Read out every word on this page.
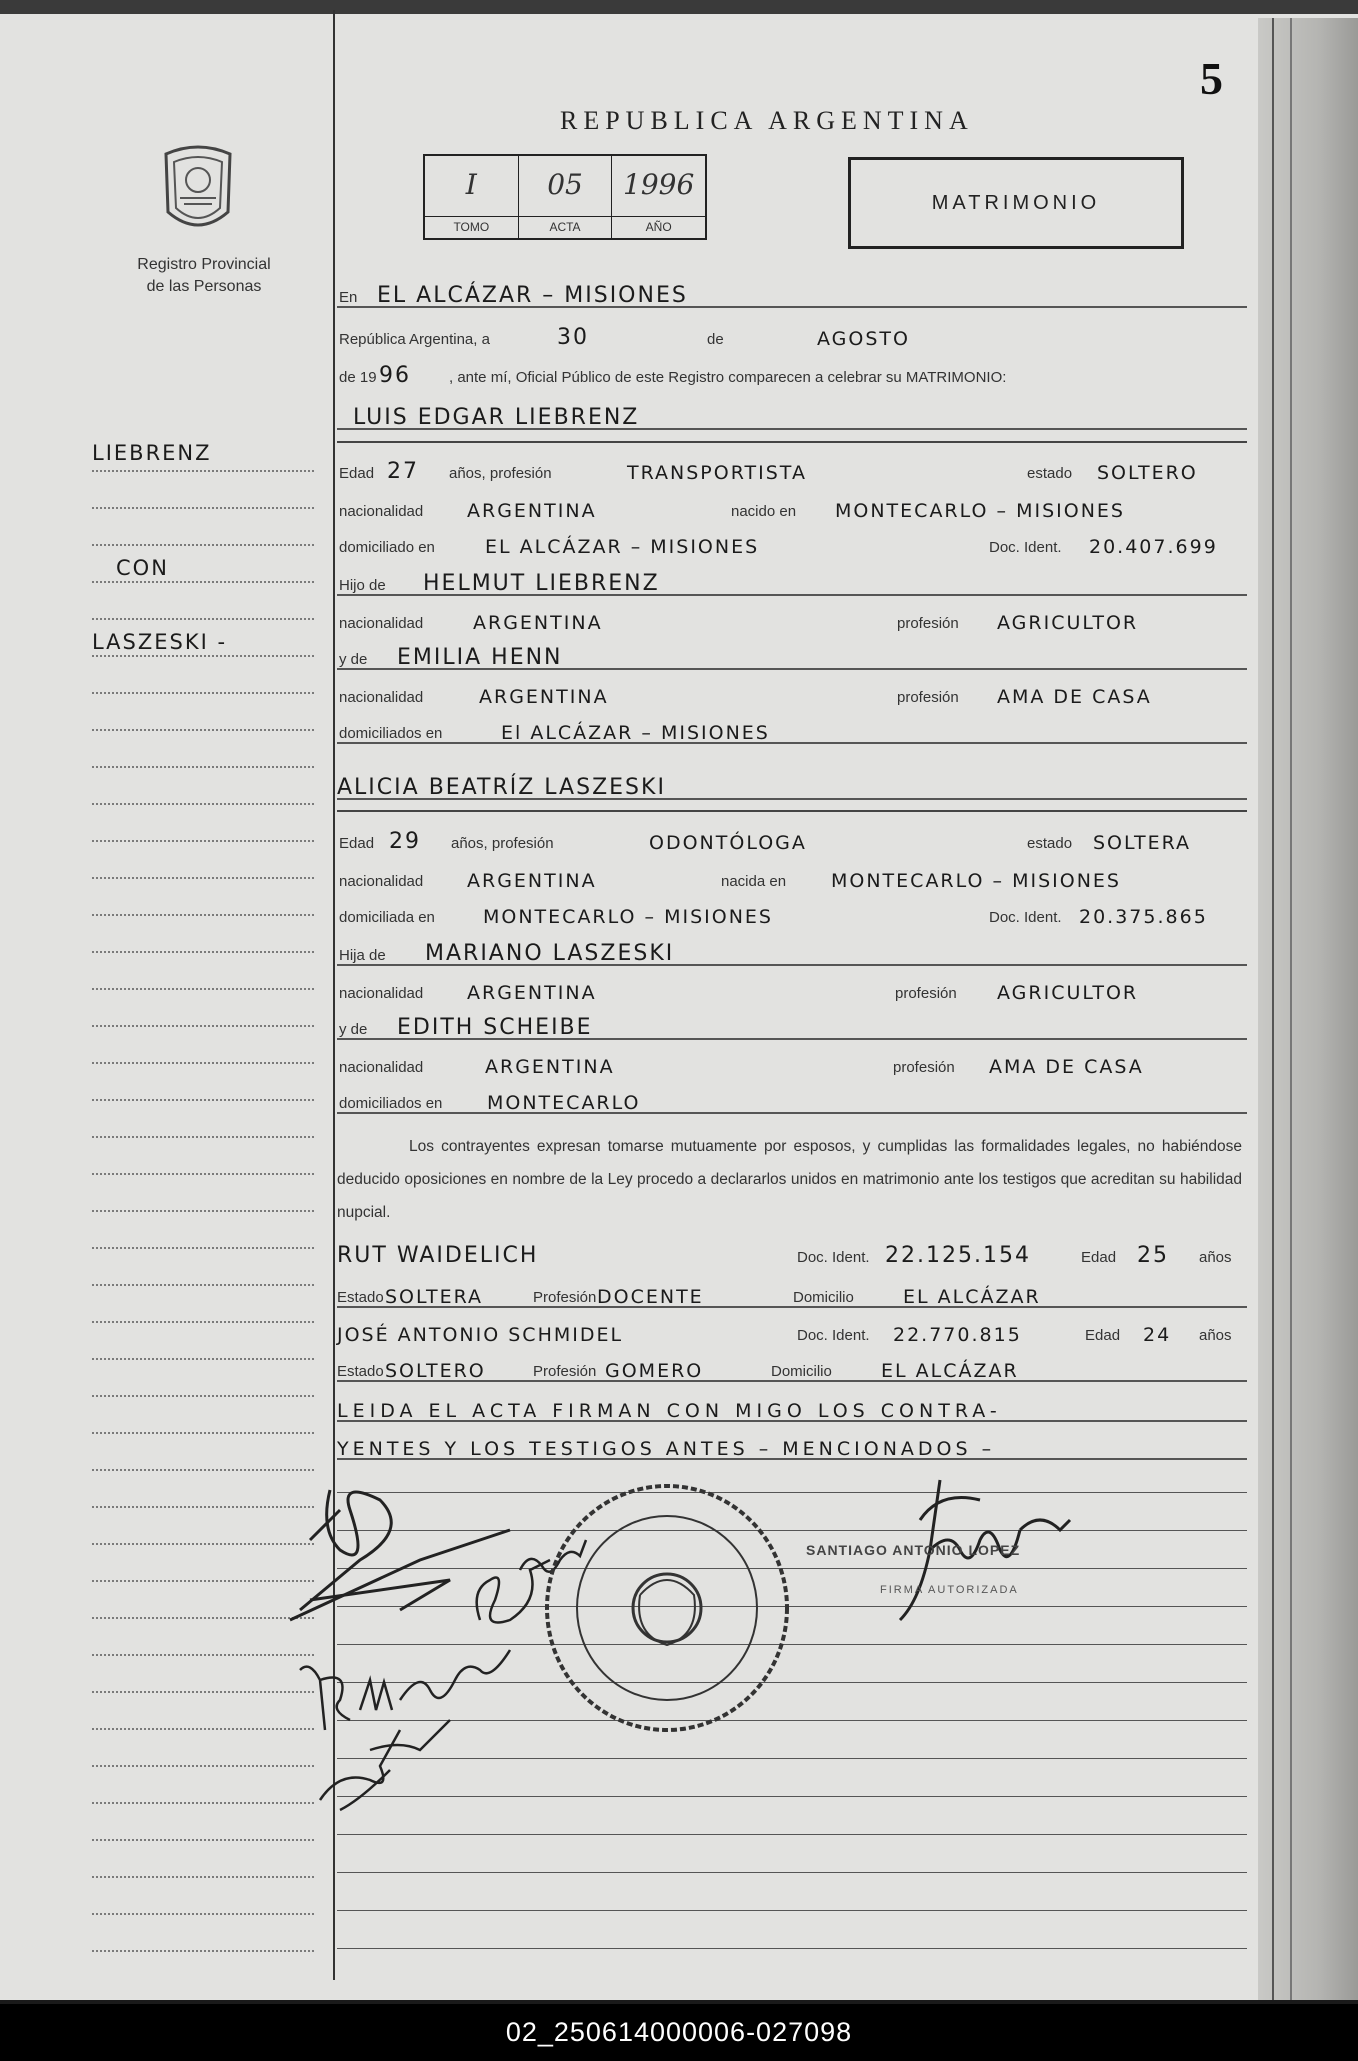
5
REPUBLICA ARGENTINA
I
TOMO
05
ACTA
1996
AÑO
MATRIMONIO
Registro Provincial
de las Personas
LIEBRENZ
CON
LASZESKI -
En EL ALCÁZAR – MISIONES
República Argentina, a	30	de	AGOSTO
de 19 96	, ante mí, Oficial Público de este Registro comparecen a celebrar su MATRIMONIO:
LUIS EDGAR LIEBRENZ
Edad 27 años, profesión	TRANSPORTISTA	estado SOLTERO
nacionalidad ARGENTINA	nacido en MONTECARLO – MISIONES
domiciliado en	EL ALCÁZAR – MISIONES	Doc. Ident. 20.407.699
Hijo de HELMUT LIEBRENZ
nacionalidad	ARGENTINA	profesión AGRICULTOR
y de EMILIA HENN
nacionalidad	ARGENTINA	profesión AMA DE CASA
domiciliados en	El ALCÁZAR – MISIONES
ALICIA BEATRÍZ LASZESKI
Edad 29 años, profesión	ODONTÓLOGA	estado SOLTERA
nacionalidad ARGENTINA	nacida en MONTECARLO – MISIONES
domiciliada en	MONTECARLO – MISIONES	Doc. Ident. 20.375.865
Hija de MARIANO LASZESKI
nacionalidad ARGENTINA	profesión AGRICULTOR
y de EDITH SCHEIBE
nacionalidad	ARGENTINA	profesión AMA DE CASA
domiciliados en MONTECARLO
Los contrayentes expresan tomarse mutuamente por esposos, y cumplidas las formalidades legales, no habiéndose deducido oposiciones en nombre de la Ley procedo a declararlos unidos en matrimonio ante los testigos que acreditan su habilidad nupcial.
RUT WAIDELICH	Doc. Ident. 22.125.154	Edad 25 años
Estado SOLTERA	Profesión DOCENTE	Domicilio	EL ALCÁZAR
JOSÉ ANTONIO SCHMIDEL	Doc. Ident. 22.770.815	Edad 24 años
Estado SOLTERO	Profesión GOMERO	Domicilio	EL ALCÁZAR
LEIDA EL ACTA FIRMAN CON MIGO LOS CONTRA-
YENTES Y LOS TESTIGOS ANTES – MENCIONADOS –
SANTIAGO ANTONIO LOPEZ
FIRMA AUTORIZADA
02_250614000006-027098
